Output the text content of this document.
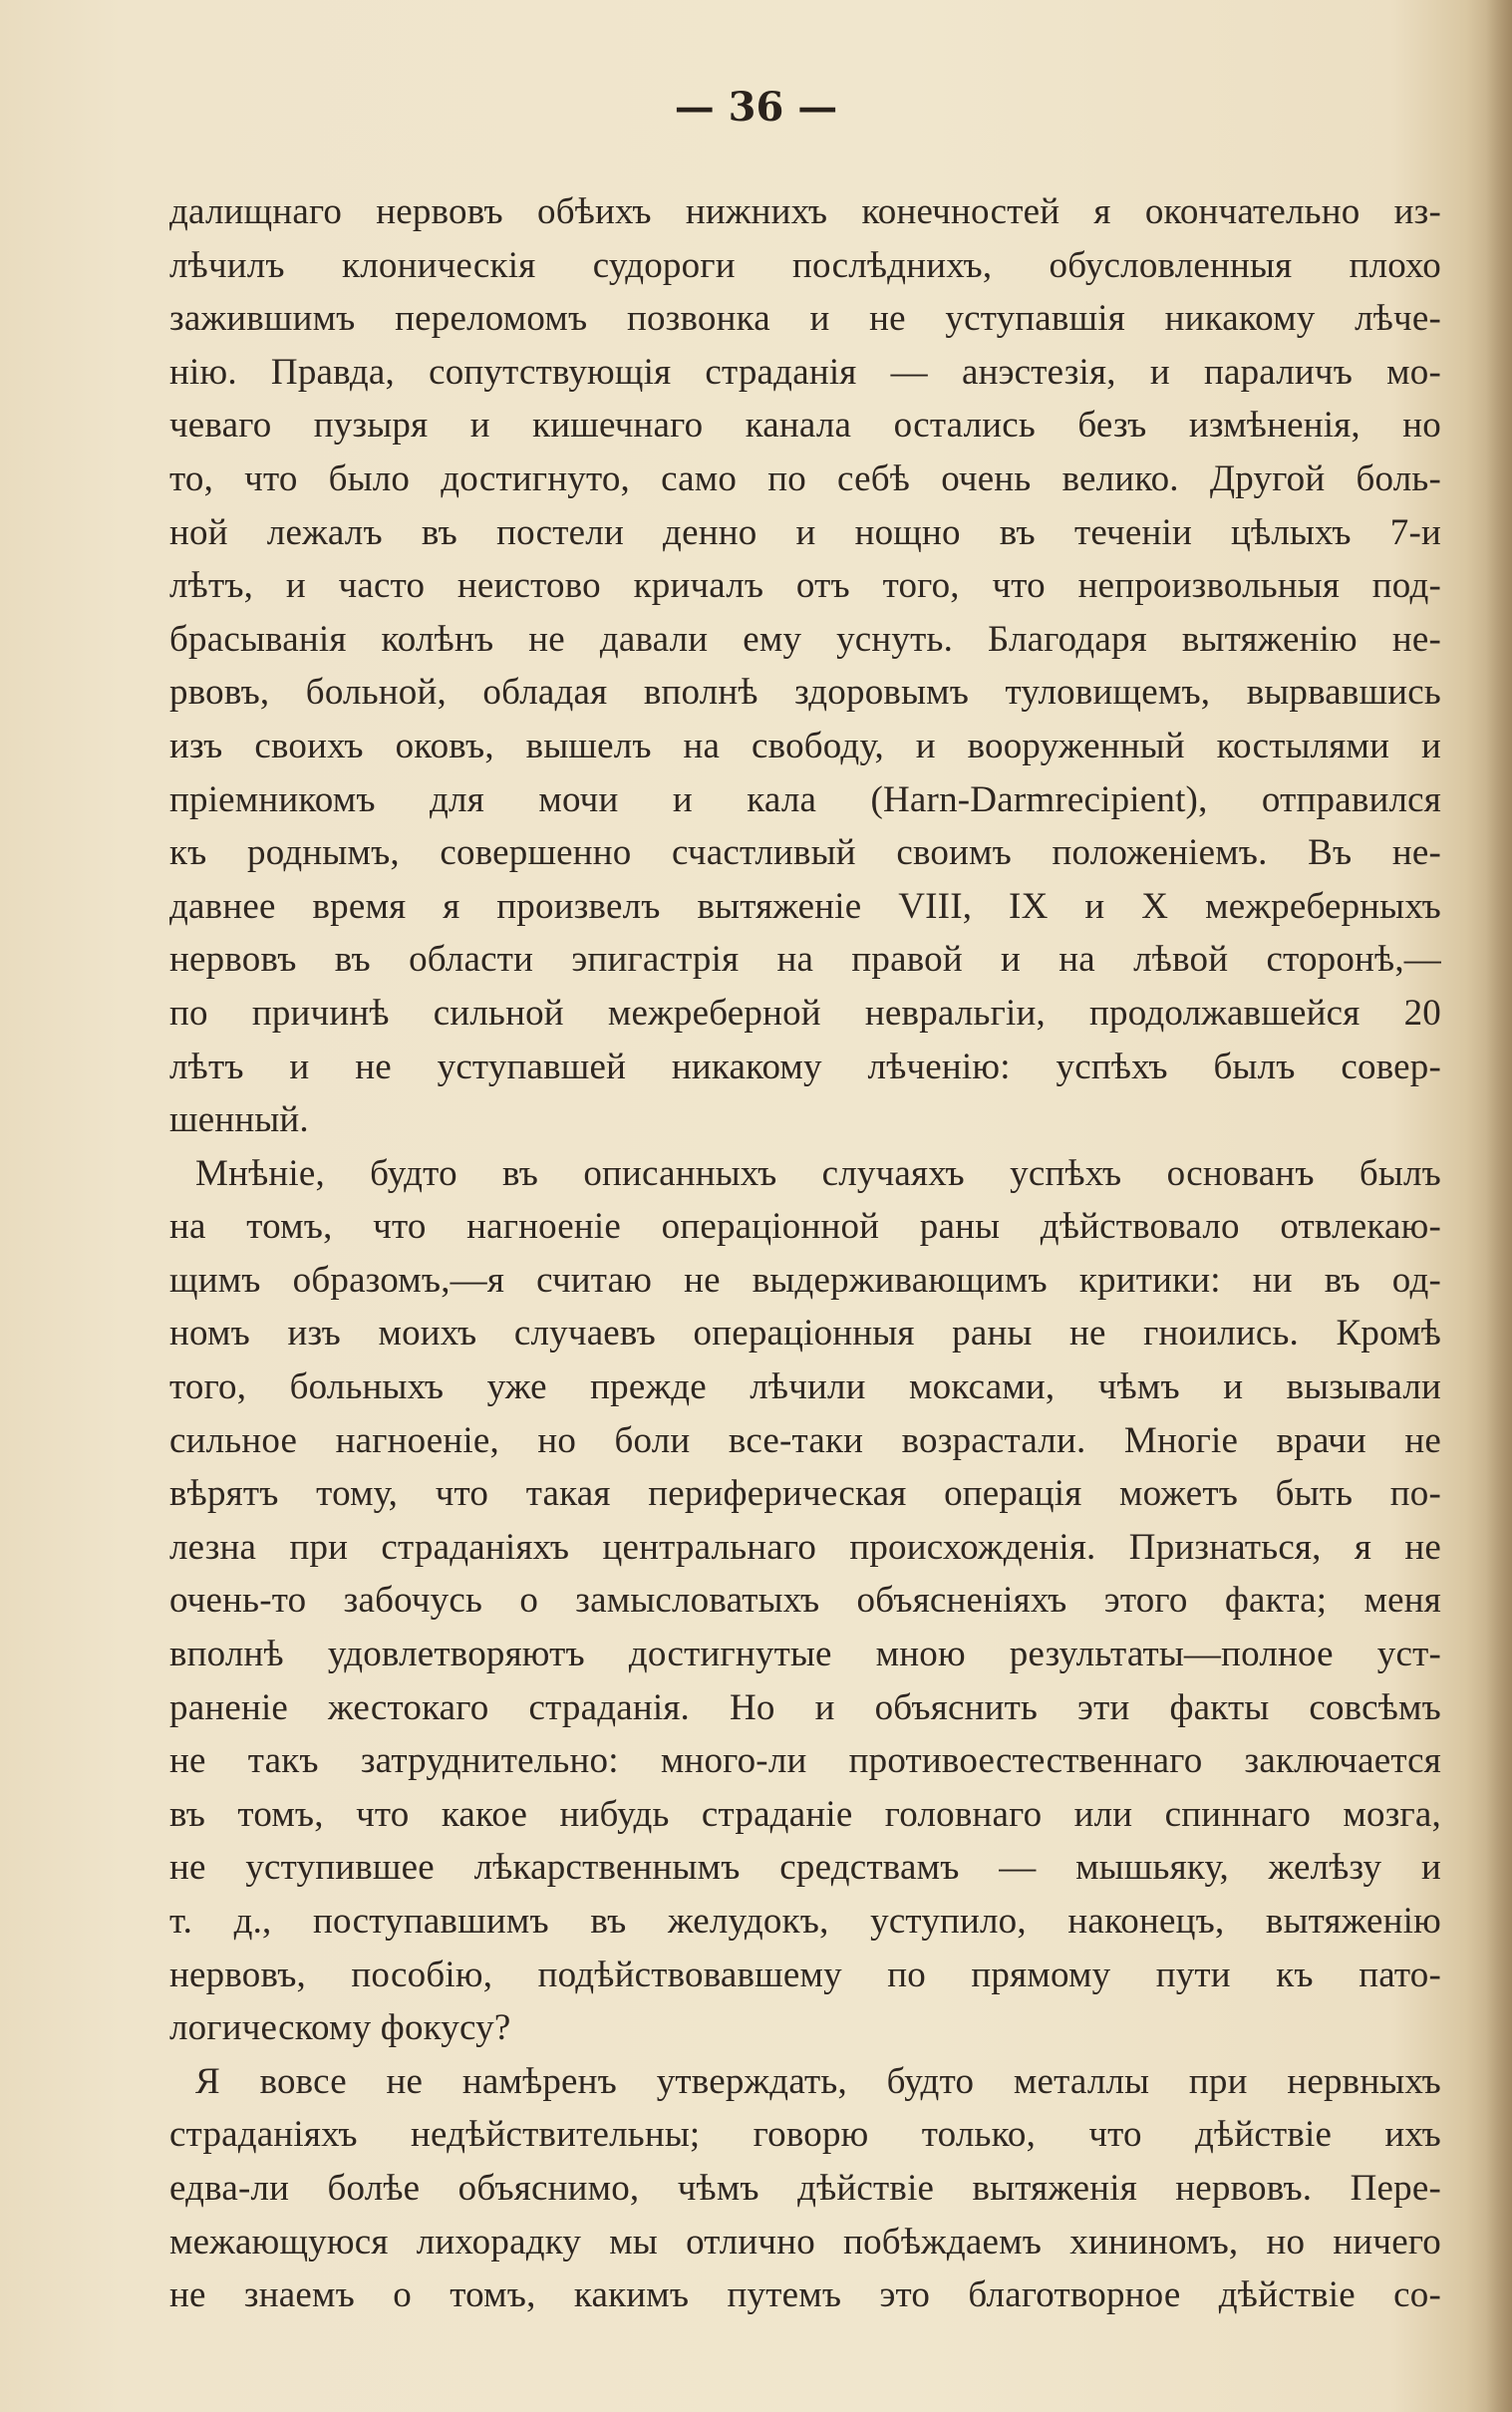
— 36 —
далищнаго нервовъ обѣихъ нижнихъ конечностей я окончательно из-
лѣчилъ клоническія судороги послѣднихъ, обусловленныя плохо
зажившимъ переломомъ позвонка и не уступавшія никакому лѣче-
нію. Правда, сопутствующія страданія — анэстезія, и параличъ мо-
чеваго пузыря и кишечнаго канала остались безъ измѣненія, но
то, что было достигнуто, само по себѣ очень велико. Другой боль-
ной лежалъ въ постели денно и нощно въ теченіи цѣлыхъ 7-и
лѣтъ, и часто неистово кричалъ отъ того, что непроизвольныя под-
брасыванія колѣнъ не давали ему уснуть. Благодаря вытяженію не-
рвовъ, больной, обладая вполнѣ здоровымъ туловищемъ, вырвавшись
изъ своихъ оковъ, вышелъ на свободу, и вооруженный костылями и
пріемникомъ для мочи и кала (Harn-Darmrecipient), отправился
къ роднымъ, совершенно счастливый своимъ положеніемъ. Въ не-
давнее время я произвелъ вытяженіе VIII, IX и X межреберныхъ
нервовъ въ области эпигастрія на правой и на лѣвой сторонѣ,—
по причинѣ сильной межреберной невральгіи, продолжавшейся 20
лѣтъ и не уступавшей никакому лѣченію: успѣхъ былъ совер-
шенный.
Мнѣніе, будто въ описанныхъ случаяхъ успѣхъ основанъ былъ
на томъ, что нагноеніе операціонной раны дѣйствовало отвлекаю-
щимъ образомъ,—я считаю не выдерживающимъ критики: ни въ од-
номъ изъ моихъ случаевъ операціонныя раны не гноились. Кромѣ
того, больныхъ уже прежде лѣчили моксами, чѣмъ и вызывали
сильное нагноеніе, но боли все-таки возрастали. Многіе врачи не
вѣрятъ тому, что такая периферическая операція можетъ быть по-
лезна при страданіяхъ центральнаго происхожденія. Признаться, я не
очень-то забочусь о замысловатыхъ объясненіяхъ этого факта; меня
вполнѣ удовлетворяютъ достигнутые мною результаты—полное уст-
раненіе жестокаго страданія. Но и объяснить эти факты совсѣмъ
не такъ затруднительно: много-ли противоестественнаго заключается
въ томъ, что какое нибудь страданіе головнаго или спиннаго мозга,
не уступившее лѣкарственнымъ средствамъ — мышьяку, желѣзу и
т. д., поступавшимъ въ желудокъ, уступило, наконецъ, вытяженію
нервовъ, пособію, подѣйствовавшему по прямому пути къ пато-
логическому фокусу?
Я вовсе не намѣренъ утверждать, будто металлы при нервныхъ
страданіяхъ недѣйствительны; говорю только, что дѣйствіе ихъ
едва-ли болѣе объяснимо, чѣмъ дѣйствіе вытяженія нервовъ. Пере-
межающуюся лихорадку мы отлично побѣждаемъ хининомъ, но ничего
не знаемъ о томъ, какимъ путемъ это благотворное дѣйствіе со-
